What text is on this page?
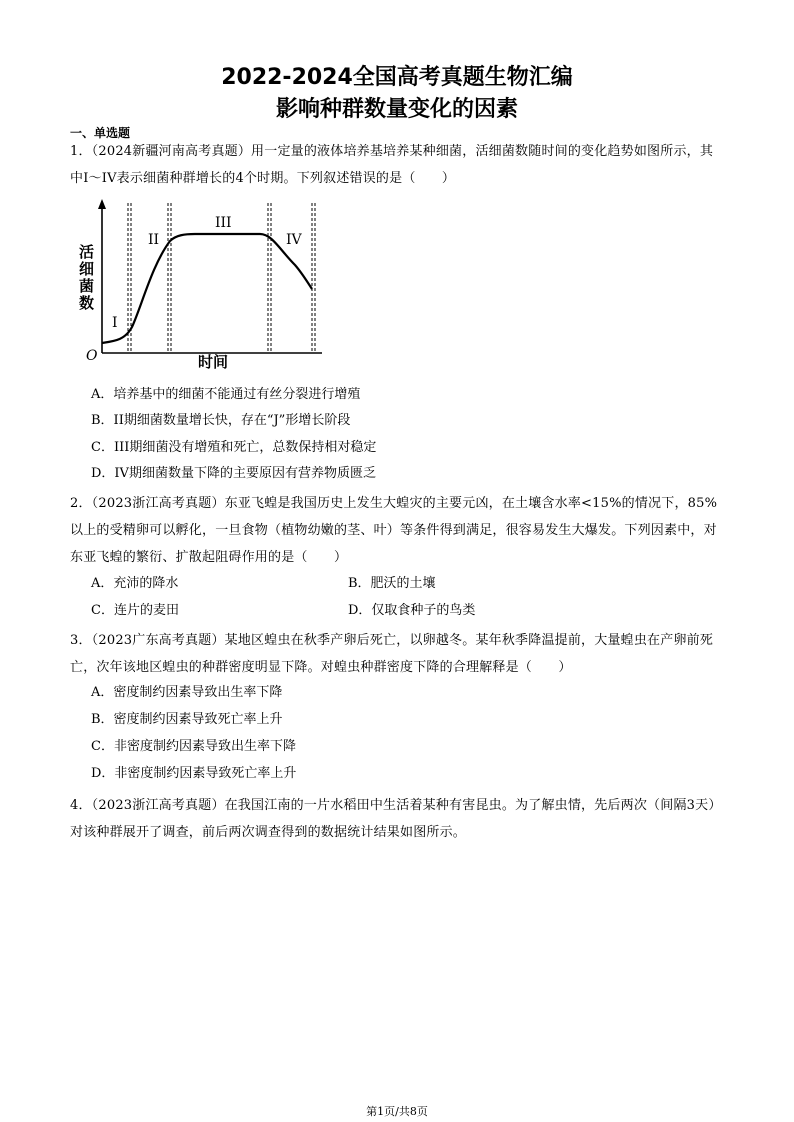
2022-2024全国高考真题生物汇编
影响种群数量变化的因素
一、单选题
1．（2024新疆河南高考真题）用一定量的液体培养基培养某种细菌，活细菌数随时间的变化趋势如图所示，其中I～IV表示细菌种群增长的4个时期。下列叙述错误的是（　　）
I
II
III
IV
O	时间
活
细
菌
数
A．培养基中的细菌不能通过有丝分裂进行增殖
B．II期细菌数量增长快，存在“J”形增长阶段
C．III期细菌没有增殖和死亡，总数保持相对稳定
D．IV期细菌数量下降的主要原因有营养物质匮乏
2．（2023浙江高考真题）东亚飞蝗是我国历史上发生大蝗灾的主要元凶，在土壤含水率<15%的情况下，85%以上的受精卵可以孵化，一旦食物（植物幼嫩的茎、叶）等条件得到满足，很容易发生大爆发。下列因素中，对东亚飞蝗的繁衍、扩散起阻碍作用的是（　　）
A．充沛的降水	B．肥沃的土壤
C．连片的麦田	D．仅取食种子的鸟类
3．（2023广东高考真题）某地区蝗虫在秋季产卵后死亡，以卵越冬。某年秋季降温提前，大量蝗虫在产卵前死亡，次年该地区蝗虫的种群密度明显下降。对蝗虫种群密度下降的合理解释是（　　）
A．密度制约因素导致出生率下降
B．密度制约因素导致死亡率上升
C．非密度制约因素导致出生率下降
D．非密度制约因素导致死亡率上升
4．（2023浙江高考真题）在我国江南的一片水稻田中生活着某种有害昆虫。为了解虫情，先后两次（间隔3天）对该种群展开了调查，前后两次调查得到的数据统计结果如图所示。
第1页/共8页
